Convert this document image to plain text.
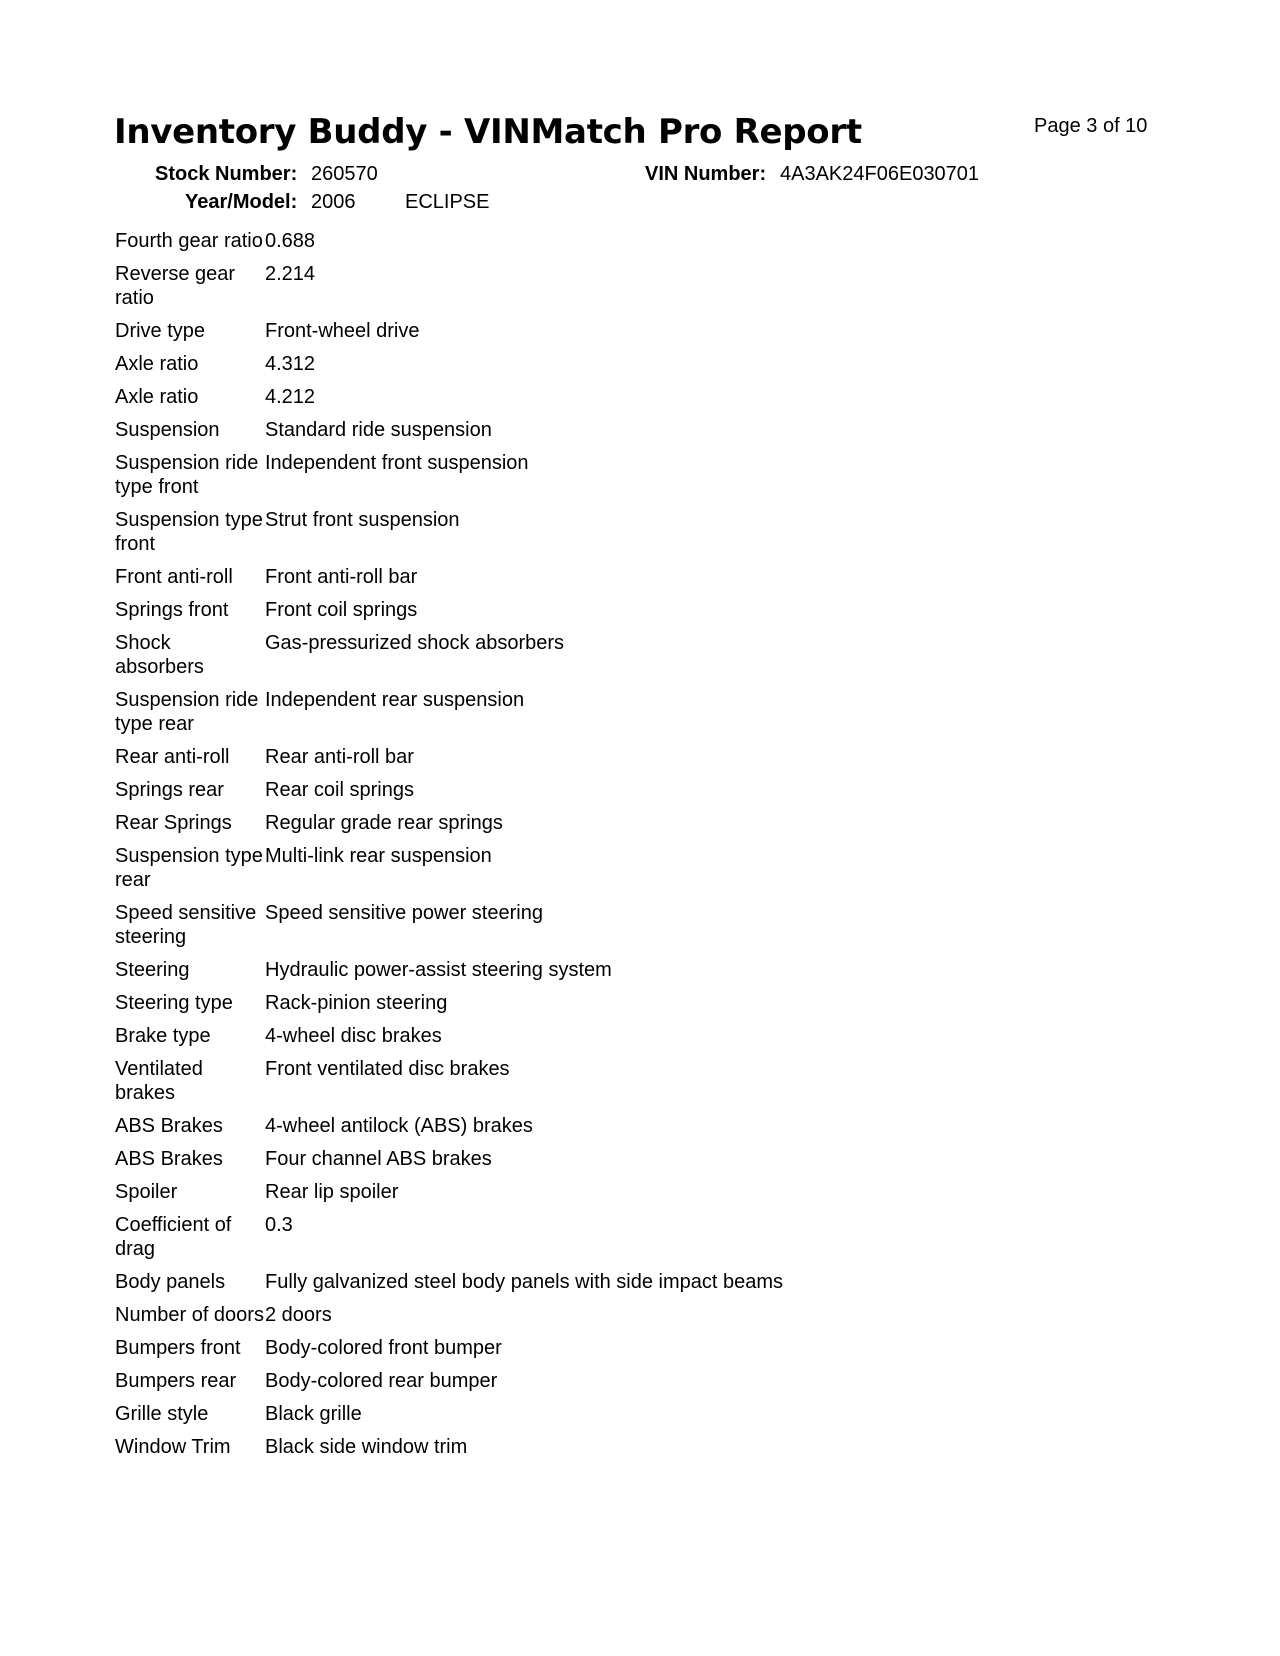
Inventory Buddy - VINMatch Pro Report	Page 3 of 10
Stock Number: 260570	VIN Number: 4A3AK24F06E030701
Year/Model: 2006 ECLIPSE
Fourth gear ratio	0.688
Reverse gear ratio	2.214
Drive type	Front-wheel drive
Axle ratio	4.312
Axle ratio	4.212
Suspension	Standard ride suspension
Suspension ride type front	Independent front suspension
Suspension type front	Strut front suspension
Front anti-roll	Front anti-roll bar
Springs front	Front coil springs
Shock absorbers	Gas-pressurized shock absorbers
Suspension ride type rear	Independent rear suspension
Rear anti-roll	Rear anti-roll bar
Springs rear	Rear coil springs
Rear Springs	Regular grade rear springs
Suspension type rear	Multi-link rear suspension
Speed sensitive steering	Speed sensitive power steering
Steering	Hydraulic power-assist steering system
Steering type	Rack-pinion steering
Brake type	4-wheel disc brakes
Ventilated brakes	Front ventilated disc brakes
ABS Brakes	4-wheel antilock (ABS) brakes
ABS Brakes	Four channel ABS brakes
Spoiler	Rear lip spoiler
Coefficient of drag	0.3
Body panels	Fully galvanized steel body panels with side impact beams
Number of doors	2 doors
Bumpers front	Body-colored front bumper
Bumpers rear	Body-colored rear bumper
Grille style	Black grille
Window Trim	Black side window trim
